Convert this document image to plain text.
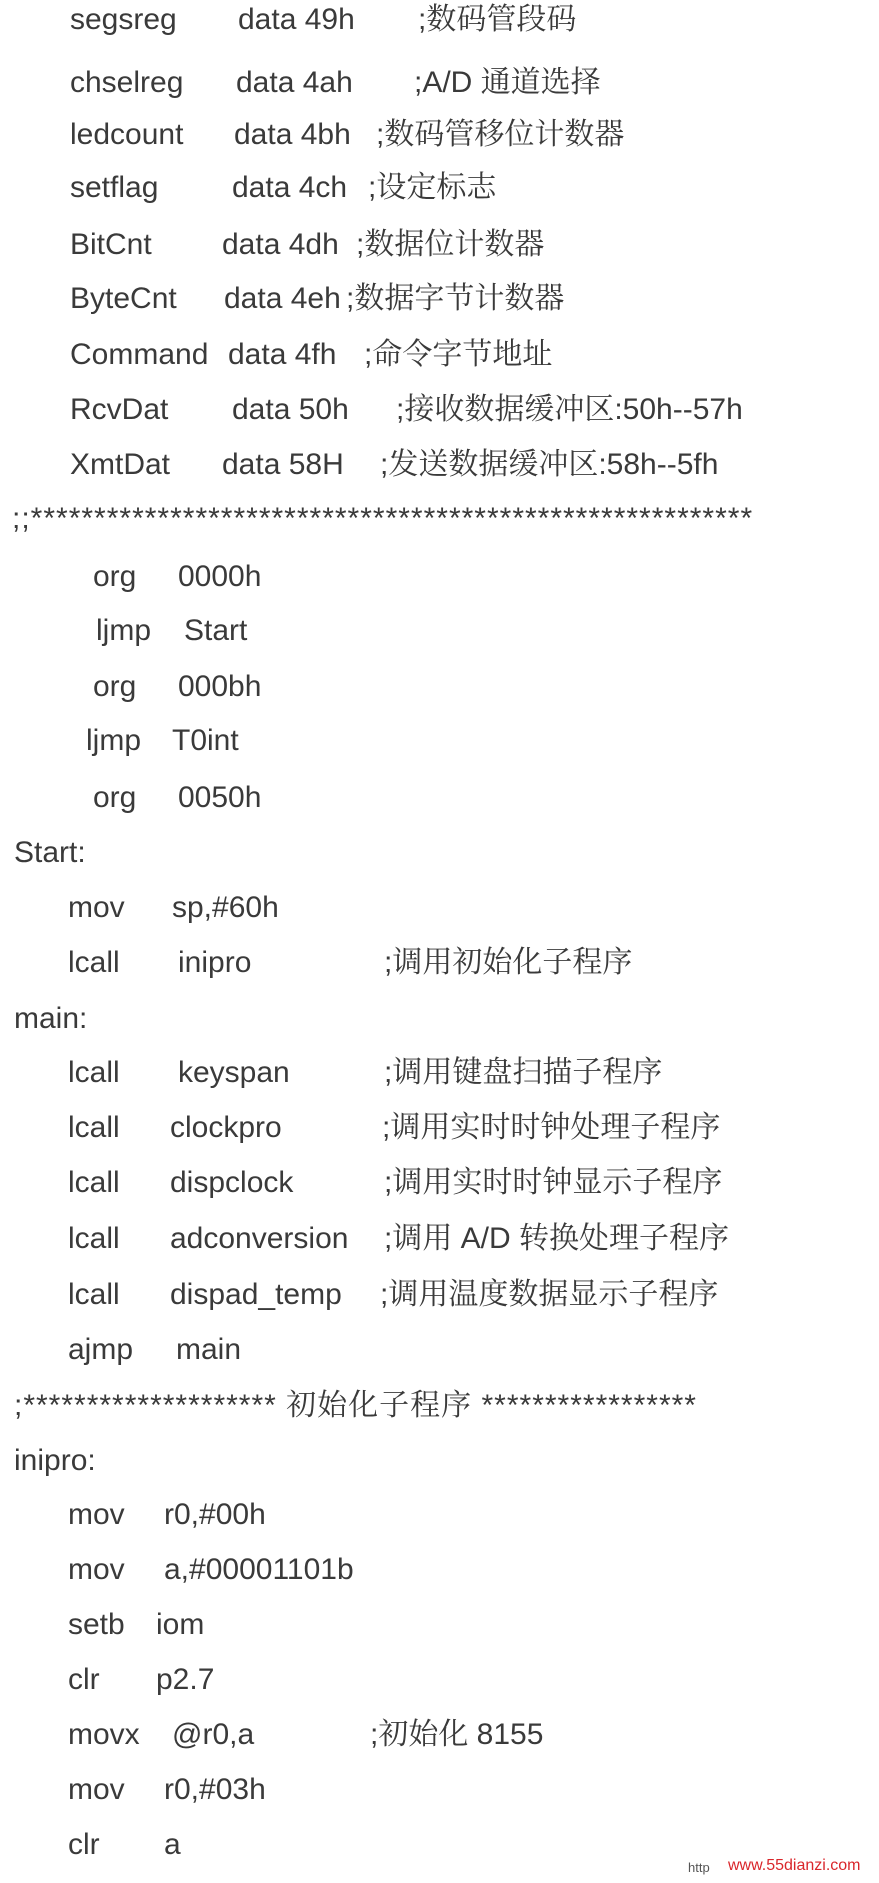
segsreg data 49h ;数码管段码
chselreg data 4ah ;A/D 通道选择
ledcount data 4bh ;数码管移位计数器
setflag data 4ch ;设定标志
BitCnt data 4dh ;数据位计数器
ByteCnt data 4eh ;数据字节计数器
Command data 4fh ;命令字节地址
RcvDat data 50h ;接收数据缓冲区:50h--57h
XmtDat data 58H ;发送数据缓冲区:58h--5fh
;;*********************************************************
org 0000h
ljmp Start
org 000bh
ljmp T0int
org 0050h
Start:
mov sp,#60h
lcall inipro	;调用初始化子程序
main:
lcall keyspan	;调用键盘扫描子程序
lcall clockpro	;调用实时时钟处理子程序
lcall dispclock	;调用实时时钟显示子程序
lcall adconversion ;调用 A/D 转换处理子程序
lcall dispad_temp ;调用温度数据显示子程序
ajmp main
;******************** 初始化子程序 *****************
inipro:
mov r0,#00h
mov a,#00001101b
setb iom
clr p2.7
movx @r0,a	;初始化 8155
mov r0,#03h
clr a
http www.55dianzi.com
